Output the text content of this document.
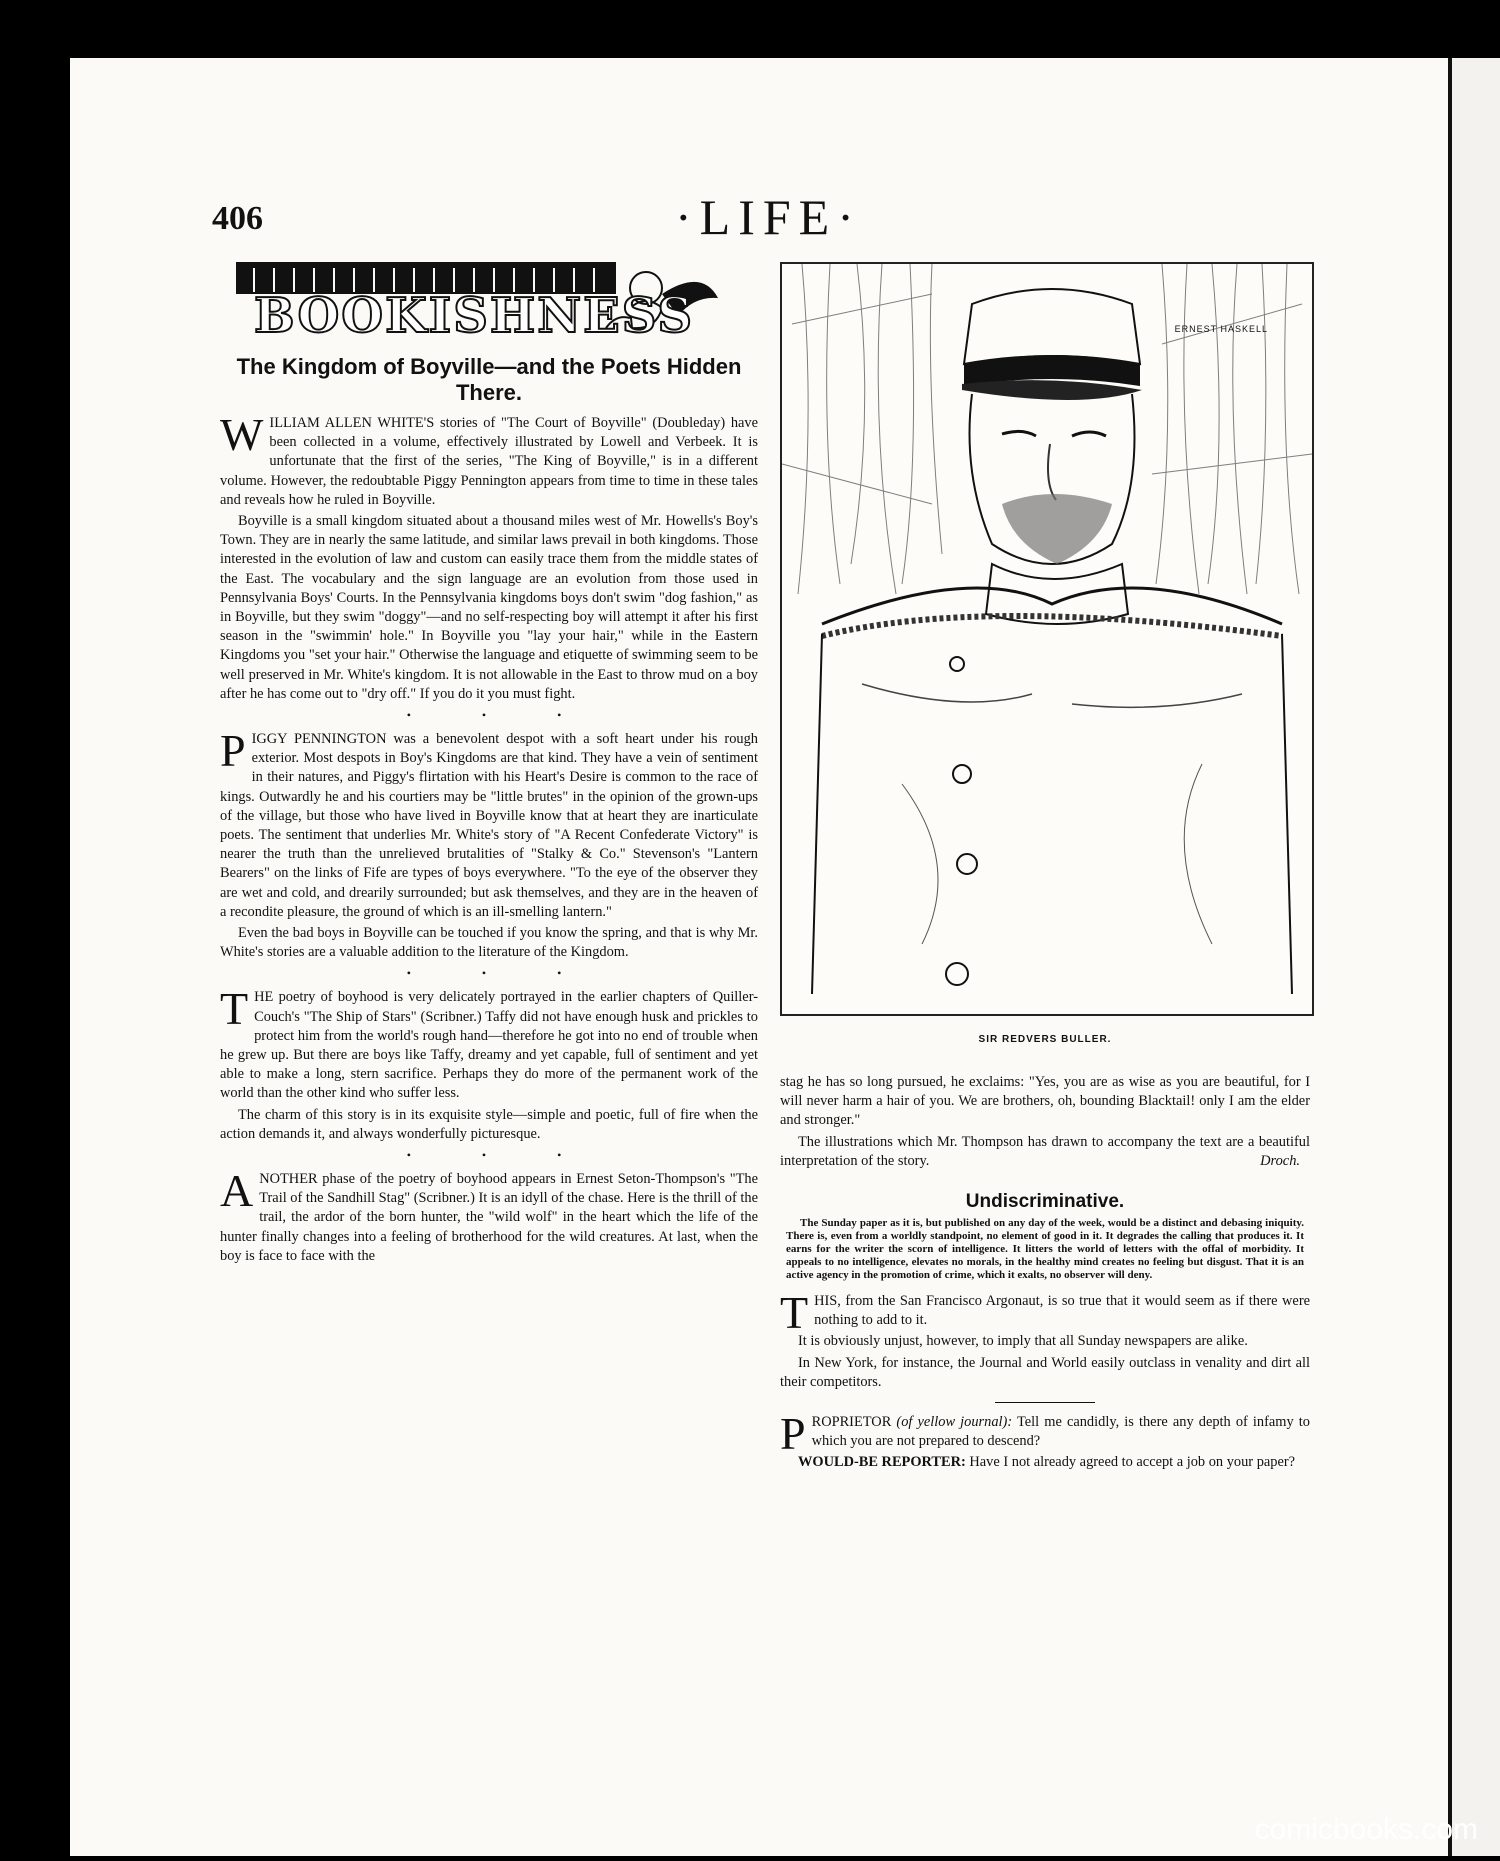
406	·LIFE·
BOOKISHNESS
The Kingdom of Boyville—and the Poets Hidden There.

WILLIAM ALLEN WHITE'S stories of "The Court of Boyville" (Doubleday) have been collected in a volume, effectively illustrated by Lowell and Verbeek. It is unfortunate that the first of the series, "The King of Boyville," is in a different volume. However, the redoubtable Piggy Pennington appears from time to time in these tales and reveals how he ruled in Boyville.

Boyville is a small kingdom situated about a thousand miles west of Mr. Howells's Boy's Town. They are in nearly the same latitude, and similar laws prevail in both kingdoms. Those interested in the evolution of law and custom can easily trace them from the middle states of the East. The vocabulary and the sign language are an evolution from those used in Pennsylvania Boys' Courts. In the Pennsylvania kingdoms boys don't swim "dog fashion," as in Boyville, but they swim "doggy"—and no self-respecting boy will attempt it after his first season in the "swimmin' hole." In Boyville you "lay your hair," while in the Eastern Kingdoms you "set your hair." Otherwise the language and etiquette of swimming seem to be well preserved in Mr. White's kingdom. It is not allowable in the East to throw mud on a boy after he has come out to "dry off." If you do it you must fight.

• • •

PIGGY PENNINGTON was a benevolent despot with a soft heart under his rough exterior. Most despots in Boy's Kingdoms are that kind. They have a vein of sentiment in their natures, and Piggy's flirtation with his Heart's Desire is common to the race of kings. Outwardly he and his courtiers may be "little brutes" in the opinion of the grown-ups of the village, but those who have lived in Boyville know that at heart they are inarticulate poets. The sentiment that underlies Mr. White's story of "A Recent Confederate Victory" is nearer the truth than the unrelieved brutalities of "Stalky & Co." Stevenson's "Lantern Bearers" on the links of Fife are types of boys everywhere. "To the eye of the observer they are wet and cold, and drearily surrounded; but ask themselves, and they are in the heaven of a recondite pleasure, the ground of which is an ill-smelling lantern."

Even the bad boys in Boyville can be touched if you know the spring, and that is why Mr. White's stories are a valuable addition to the literature of the Kingdom.

• • •

THE poetry of boyhood is very delicately portrayed in the earlier chapters of Quiller-Couch's "The Ship of Stars" (Scribner.) Taffy did not have enough husk and prickles to protect him from the world's rough hand—therefore he got into no end of trouble when he grew up. But there are boys like Taffy, dreamy and yet capable, full of sentiment and yet able to make a long, stern sacrifice. Perhaps they do more of the permanent work of the world than the other kind who suffer less.

The charm of this story is in its exquisite style—simple and poetic, full of fire when the action demands it, and always wonderfully picturesque.

• • •

ANOTHER phase of the poetry of boyhood appears in Ernest Seton-Thompson's "The Trail of the Sandhill Stag" (Scribner.) It is an idyll of the chase. Here is the thrill of the trail, the ardor of the born hunter, the "wild wolf" in the heart which the life of the hunter finally changes into a feeling of brotherhood for the wild creatures. At last, when the boy is face to face with the

ERNEST HASKELL
SIR REDVERS BULLER.

stag he has so long pursued, he exclaims: "Yes, you are as wise as you are beautiful, for I will never harm a hair of you. We are brothers, oh, bounding Blacktail! only I am the elder and stronger."

The illustrations which Mr. Thompson has drawn to accompany the text are a beautiful interpretation of the story.	Droch.

Undiscriminative.
The Sunday paper as it is, but published on any day of the week, would be a distinct and debasing iniquity. There is, even from a worldly standpoint, no element of good in it. It degrades the calling that produces it. It earns for the writer the scorn of intelligence. It litters the world of letters with the offal of morbidity. It appeals to no intelligence, elevates no morals, in the healthy mind creates no feeling but disgust. That it is an active agency in the promotion of crime, which it exalts, no observer will deny.

THIS, from the San Francisco Argonaut, is so true that it would seem as if there were nothing to add to it.

It is obviously unjust, however, to imply that all Sunday newspapers are alike.

In New York, for instance, the Journal and World easily outclass in venality and dirt all their competitors.

PROPRIETOR (of yellow journal): Tell me candidly, is there any depth of infamy to which you are not prepared to descend?

WOULD-BE REPORTER: Have I not already agreed to accept a job on your paper?

comicbooks.com
